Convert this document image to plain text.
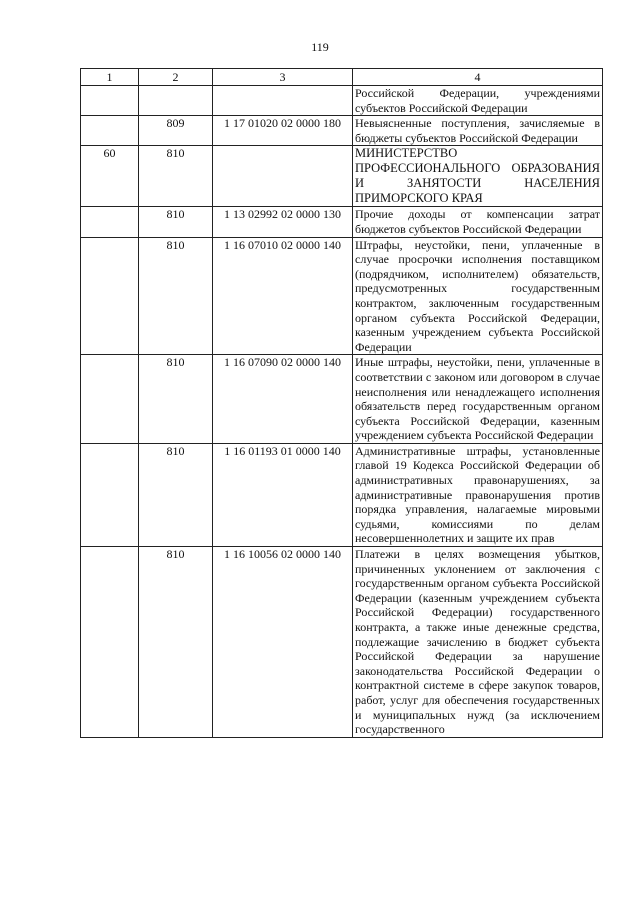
119
1	2	3	4
			Российской Федерации, учреждениями субъектов Российской Федерации
	809	1 17 01020 02 0000 180	Невыясненные поступления, зачисляемые в бюджеты субъектов Российской Федерации
60	810		МИНИСТЕРСТВО ПРОФЕССИОНАЛЬНОГО ОБРАЗОВАНИЯ И ЗАНЯТОСТИ НАСЕЛЕНИЯ ПРИМОРСКОГО КРАЯ
	810	1 13 02992 02 0000 130	Прочие доходы от компенсации затрат бюджетов субъектов Российской Федерации
	810	1 16 07010 02 0000 140	Штрафы, неустойки, пени, уплаченные в случае просрочки исполнения поставщиком (подрядчиком, исполнителем) обязательств, предусмотренных государственным контрактом, заключенным государственным органом субъекта Российской Федерации, казенным учреждением субъекта Российской Федерации
	810	1 16 07090 02 0000 140	Иные штрафы, неустойки, пени, уплаченные в соответствии с законом или договором в случае неисполнения или ненадлежащего исполнения обязательств перед государственным органом субъекта Российской Федерации, казенным учреждением субъекта Российской Федерации
	810	1 16 01193 01 0000 140	Административные штрафы, установленные главой 19 Кодекса Российской Федерации об административных правонарушениях, за административные правонарушения против порядка управления, налагаемые мировыми судьями, комиссиями по делам несовершеннолетних и защите их прав
	810	1 16 10056 02 0000 140	Платежи в целях возмещения убытков, причиненных уклонением от заключения с государственным органом субъекта Российской Федерации (казенным учреждением субъекта Российской Федерации) государственного контракта, а также иные денежные средства, подлежащие зачислению в бюджет субъекта Российской Федерации за нарушение законодательства Российской Федерации о контрактной системе в сфере закупок товаров, работ, услуг для обеспечения государственных и муниципальных нужд (за исключением государственного
